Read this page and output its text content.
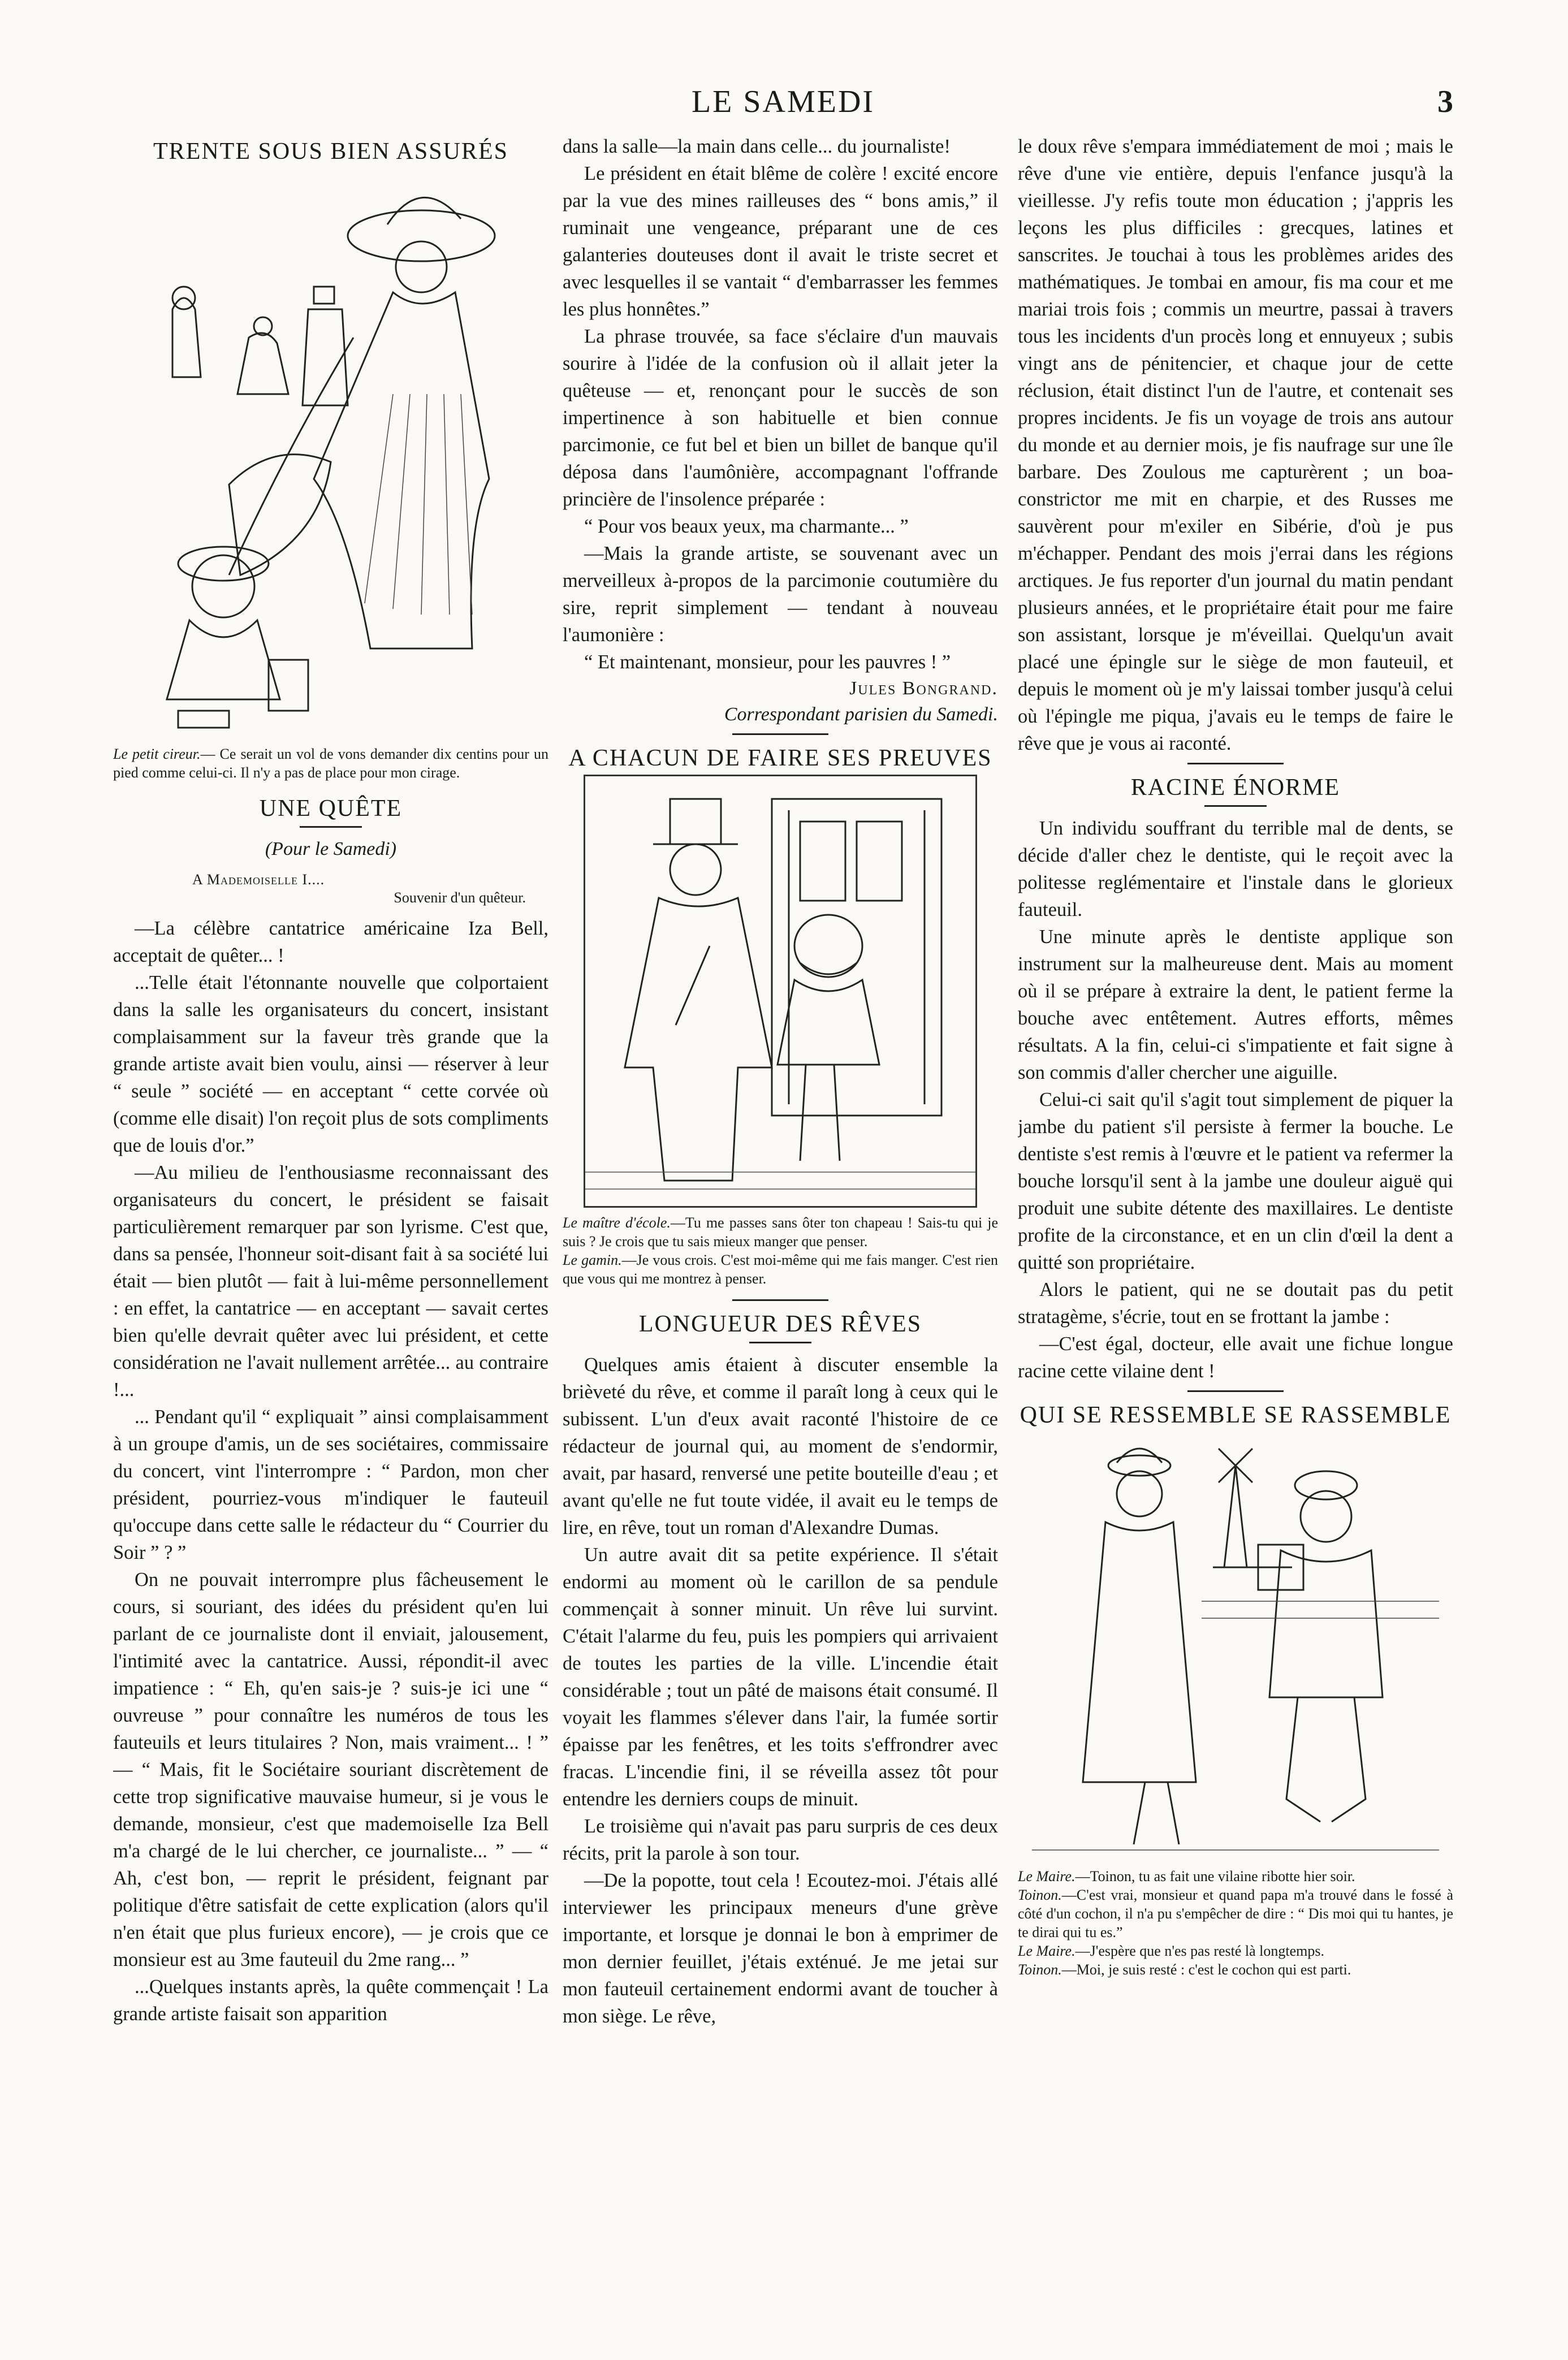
LE SAMEDI	3
TRENTE SOUS BIEN ASSURÉS

Le petit cireur.— Ce serait un vol de vons demander dix centins pour un pied comme celui-ci. Il n'y a pas de place pour mon cirage.

UNE QUÊTE
(Pour le Samedi)
A Mademoiselle I....
Souvenir d'un quêteur.

—La célèbre cantatrice américaine Iza Bell, acceptait de quêter... !

...Telle était l'étonnante nouvelle que colportaient dans la salle les organisateurs du concert, insistant complaisamment sur la faveur très grande que la grande artiste avait bien voulu, ainsi — réserver à leur “ seule ” société — en acceptant “ cette corvée où (comme elle disait) l'on reçoit plus de sots compliments que de louis d'or.”

—Au milieu de l'enthousiasme reconnaissant des organisateurs du concert, le président se faisait particulièrement remarquer par son lyrisme. C'est que, dans sa pensée, l'honneur soit-disant fait à sa société lui était — bien plutôt — fait à lui-même personnellement : en effet, la cantatrice — en acceptant — savait certes bien qu'elle devrait quêter avec lui président, et cette considération ne l'avait nullement arrêtée... au contraire !...

... Pendant qu'il “ expliquait ” ainsi complaisamment à un groupe d'amis, un de ses sociétaires, commissaire du concert, vint l'interrompre : “ Pardon, mon cher président, pourriez-vous m'indiquer le fauteuil qu'occupe dans cette salle le rédacteur du “ Courrier du Soir ” ? ”

On ne pouvait interrompre plus fâcheusement le cours, si souriant, des idées du président qu'en lui parlant de ce journaliste dont il enviait, jalousement, l'intimité avec la cantatrice. Aussi, répondit-il avec impatience : “ Eh, qu'en sais-je ? suis-je ici une “ ouvreuse ” pour connaître les numéros de tous les fauteuils et leurs titulaires ? Non, mais vraiment... ! ” — “ Mais, fit le Sociétaire souriant discrètement de cette trop significative mauvaise humeur, si je vous le demande, monsieur, c'est que mademoiselle Iza Bell m'a chargé de le lui chercher, ce journaliste... ” — “ Ah, c'est bon, — reprit le président, feignant par politique d'être satisfait de cette explication (alors qu'il n'en était que plus furieux encore), — je crois que ce monsieur est au 3me fauteuil du 2me rang... ”

...Quelques instants après, la quête commençait ! La grande artiste faisait son apparition

dans la salle—la main dans celle... du journaliste!

Le président en était blême de colère ! excité encore par la vue des mines railleuses des “ bons amis,” il ruminait une vengeance, préparant une de ces galanteries douteuses dont il avait le triste secret et avec lesquelles il se vantait “ d'embarrasser les femmes les plus honnêtes.”

La phrase trouvée, sa face s'éclaire d'un mauvais sourire à l'idée de la confusion où il allait jeter la quêteuse — et, renonçant pour le succès de son impertinence à son habituelle et bien connue parcimonie, ce fut bel et bien un billet de banque qu'il déposa dans l'aumônière, accompagnant l'offrande princière de l'insolence préparée :

“ Pour vos beaux yeux, ma charmante... ”

—Mais la grande artiste, se souvenant avec un merveilleux à-propos de la parcimonie coutumière du sire, reprit simplement — tendant à nouveau l'aumonière :

“ Et maintenant, monsieur, pour les pauvres ! ”

Jules Bongrand.
Correspondant parisien du Samedi.
A CHACUN DE FAIRE SES PREUVES

Le maître d'école.—Tu me passes sans ôter ton chapeau ! Sais-tu qui je suis ? Je crois que tu sais mieux manger que penser.

Le gamin.—Je vous crois. C'est moi-même qui me fais manger. C'est rien que vous qui me montrez à penser.

LONGUEUR DES RÊVES

Quelques amis étaient à discuter ensemble la brièveté du rêve, et comme il paraît long à ceux qui le subissent. L'un d'eux avait raconté l'histoire de ce rédacteur de journal qui, au moment de s'endormir, avait, par hasard, renversé une petite bouteille d'eau ; et avant qu'elle ne fut toute vidée, il avait eu le temps de lire, en rêve, tout un roman d'Alexandre Dumas.

Un autre avait dit sa petite expérience. Il s'était endormi au moment où le carillon de sa pendule commençait à sonner minuit. Un rêve lui survint. C'était l'alarme du feu, puis les pompiers qui arrivaient de toutes les parties de la ville. L'incendie était considérable ; tout un pâté de maisons était consumé. Il voyait les flammes s'élever dans l'air, la fumée sortir épaisse par les fenêtres, et les toits s'effrondrer avec fracas. L'incendie fini, il se réveilla assez tôt pour entendre les derniers coups de minuit.

Le troisième qui n'avait pas paru surpris de ces deux récits, prit la parole à son tour.

—De la popotte, tout cela ! Ecoutez-moi. J'étais allé interviewer les principaux meneurs d'une grève importante, et lorsque je donnai le bon à emprimer de mon dernier feuillet, j'étais exténué. Je me jetai sur mon fauteuil certainement endormi avant de toucher à mon siège. Le rêve,

le doux rêve s'empara immédiatement de moi ; mais le rêve d'une vie entière, depuis l'enfance jusqu'à la vieillesse. J'y refis toute mon éducation ; j'appris les leçons les plus difficiles : grecques, latines et sanscrites. Je touchai à tous les problèmes arides des mathématiques. Je tombai en amour, fis ma cour et me mariai trois fois ; commis un meurtre, passai à travers tous les incidents d'un procès long et ennuyeux ; subis vingt ans de pénitencier, et chaque jour de cette réclusion, était distinct l'un de l'autre, et contenait ses propres incidents. Je fis un voyage de trois ans autour du monde et au dernier mois, je fis naufrage sur une île barbare. Des Zoulous me capturèrent ; un boa-constrictor me mit en charpie, et des Russes me sauvèrent pour m'exiler en Sibérie, d'où je pus m'échapper. Pendant des mois j'errai dans les régions arctiques. Je fus reporter d'un journal du matin pendant plusieurs années, et le propriétaire était pour me faire son assistant, lorsque je m'éveillai. Quelqu'un avait placé une épingle sur le siège de mon fauteuil, et depuis le moment où je m'y laissai tomber jusqu'à celui où l'épingle me piqua, j'avais eu le temps de faire le rêve que je vous ai raconté.

RACINE ÉNORME

Un individu souffrant du terrible mal de dents, se décide d'aller chez le dentiste, qui le reçoit avec la politesse reglémentaire et l'instale dans le glorieux fauteuil.

Une minute après le dentiste applique son instrument sur la malheureuse dent. Mais au moment où il se prépare à extraire la dent, le patient ferme la bouche avec entêtement. Autres efforts, mêmes résultats. A la fin, celui-ci s'impatiente et fait signe à son commis d'aller chercher une aiguille.

Celui-ci sait qu'il s'agit tout simplement de piquer la jambe du patient s'il persiste à fermer la bouche. Le dentiste s'est remis à l'œuvre et le patient va refermer la bouche lorsqu'il sent à la jambe une douleur aiguë qui produit une subite détente des maxillaires. Le dentiste profite de la circonstance, et en un clin d'œil la dent a quitté son propriétaire.

Alors le patient, qui ne se doutait pas du petit stratagème, s'écrie, tout en se frottant la jambe :

—C'est égal, docteur, elle avait une fichue longue racine cette vilaine dent !

QUI SE RESSEMBLE SE RASSEMBLE

Le Maire.—Toinon, tu as fait une vilaine ribotte hier soir.

Toinon.—C'est vrai, monsieur et quand papa m'a trouvé dans le fossé à côté d'un cochon, il n'a pu s'empêcher de dire : “ Dis moi qui tu hantes, je te dirai qui tu es.”

Le Maire.—J'espère que n'es pas resté là longtemps.

Toinon.—Moi, je suis resté : c'est le cochon qui est parti.
